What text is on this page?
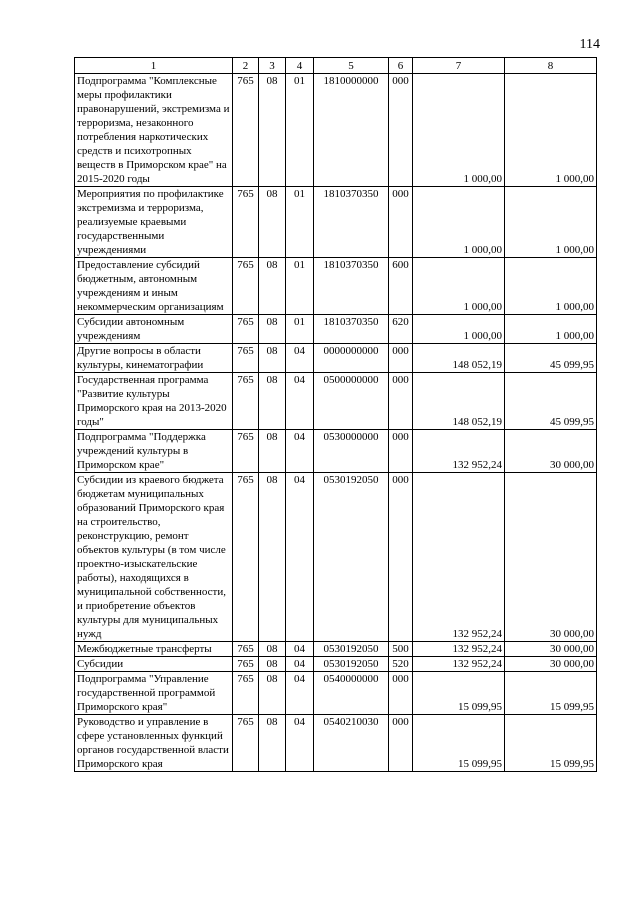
114
1	2	3	4	5	6	7	8
Подпрограмма "Комплексные меры профилактики правонарушений, экстремизма и терроризма, незаконного потребления наркотических средств и психотропных веществ в Приморском крае" на 2015-2020 годы	765	08	01	1810000000	000	1 000,00	1 000,00
Мероприятия по профилактике экстремизма и терроризма, реализуемые краевыми государственными учреждениями	765	08	01	1810370350	000	1 000,00	1 000,00
Предоставление субсидий бюджетным, автономным учреждениям и иным некоммерческим организациям	765	08	01	1810370350	600	1 000,00	1 000,00
Субсидии автономным учреждениям	765	08	01	1810370350	620	1 000,00	1 000,00
Другие вопросы в области культуры, кинематографии	765	08	04	0000000000	000	148 052,19	45 099,95
Государственная программа "Развитие культуры Приморского края на 2013-2020 годы"	765	08	04	0500000000	000	148 052,19	45 099,95
Подпрограмма "Поддержка учреждений культуры в Приморском крае"	765	08	04	0530000000	000	132 952,24	30 000,00
Субсидии из краевого бюджета бюджетам муниципальных образований Приморского края на строительство, реконструкцию, ремонт объектов культуры (в том числе проектно-изыскательские работы), находящихся в муниципальной собственности, и приобретение объектов культуры для муниципальных нужд	765	08	04	0530192050	000	132 952,24	30 000,00
Межбюджетные трансферты	765	08	04	0530192050	500	132 952,24	30 000,00
Субсидии	765	08	04	0530192050	520	132 952,24	30 000,00
Подпрограмма "Управление государственной программой Приморского края"	765	08	04	0540000000	000	15 099,95	15 099,95
Руководство и управление в сфере установленных функций органов государственной власти Приморского края	765	08	04	0540210030	000	15 099,95	15 099,95
